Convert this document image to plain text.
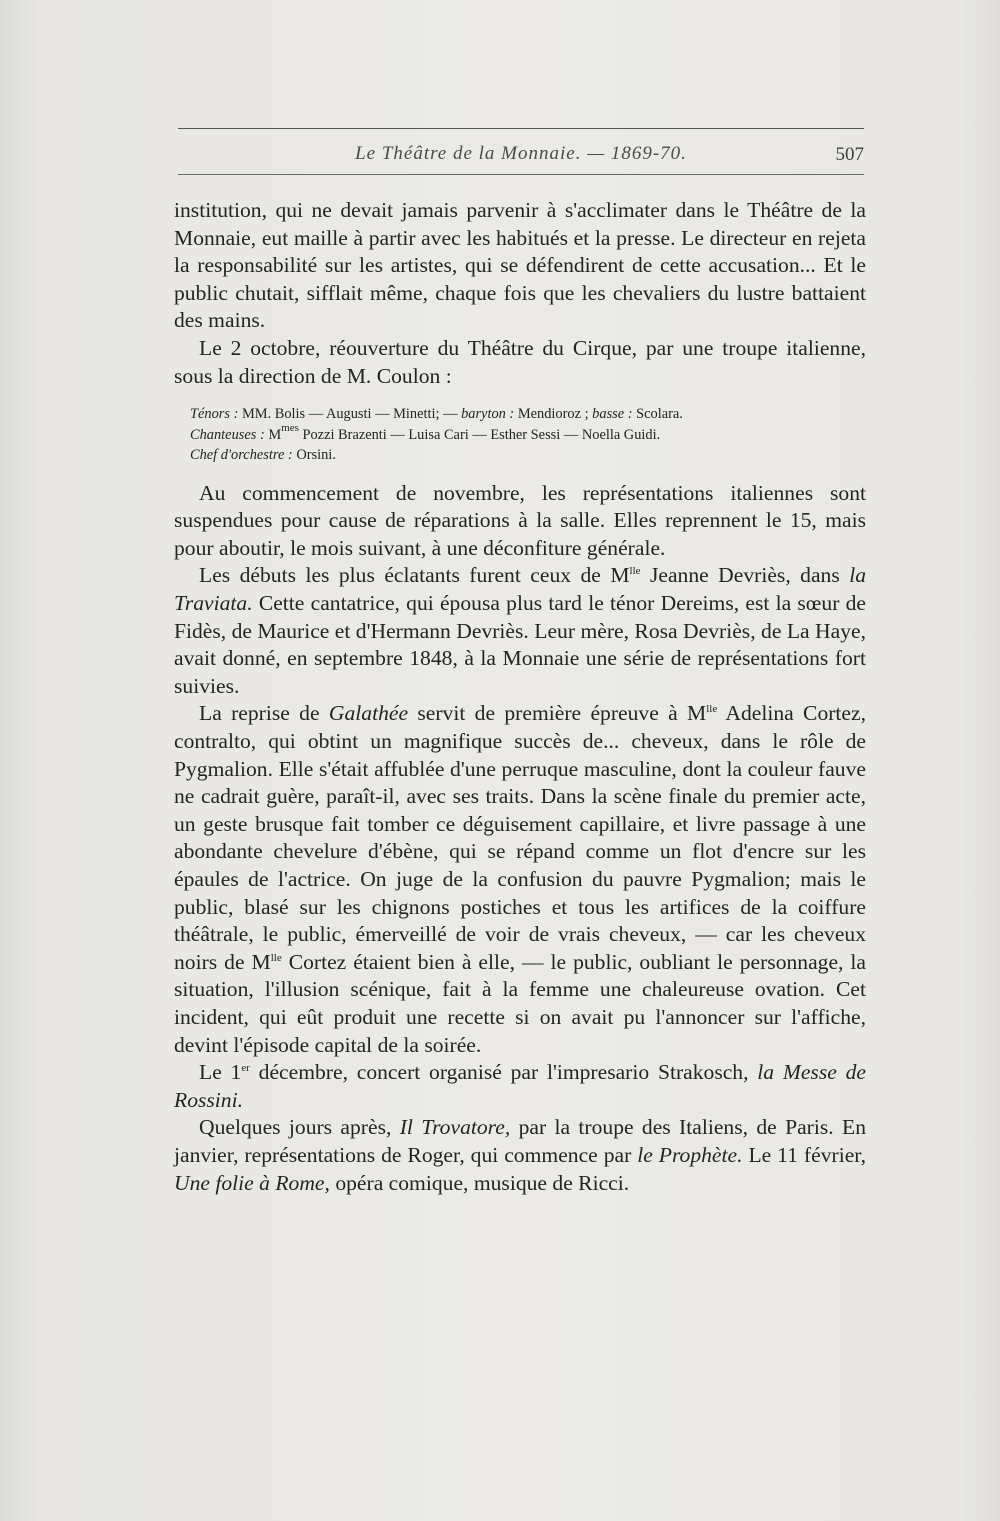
Le Théâtre de la Monnaie. — 1869-70.	507

institution, qui ne devait jamais parvenir à s'acclimater dans le Théâtre de la Monnaie, eut maille à partir avec les habitués et la presse. Le directeur en rejeta la responsabilité sur les artistes, qui se défendirent de cette accusation... Et le public chutait, sifflait même, chaque fois que les chevaliers du lustre battaient des mains.

Le 2 octobre, réouverture du Théâtre du Cirque, par une troupe italienne, sous la direction de M. Coulon :

Ténors : MM. Bolis — Augusti — Minetti; — baryton : Mendioroz ; basse : Scolara.
Chanteuses : $M^{mes}$ Pozzi Brazenti — Luisa Cari — Esther Sessi — Noella Guidi.
Chef d'orchestre : Orsini.

Au commencement de novembre, les représentations italiennes sont suspendues pour cause de réparations à la salle. Elles reprennent le 15, mais pour aboutir, le mois suivant, à une déconfiture générale.

Les débuts les plus éclatants furent ceux de $M^{lle}$ Jeanne Devriès, dans la Traviata. Cette cantatrice, qui épousa plus tard le ténor Dereims, est la sœur de Fidès, de Maurice et d'Hermann Devriès. Leur mère, Rosa Devriès, de La Haye, avait donné, en septembre 1848, à la Monnaie une série de représentations fort suivies.

La reprise de Galathée servit de première épreuve à $M^{lle}$ Adelina Cortez, contralto, qui obtint un magnifique succès de... cheveux, dans le rôle de Pygmalion. Elle s'était affublée d'une perruque masculine, dont la couleur fauve ne cadrait guère, paraît-il, avec ses traits. Dans la scène finale du premier acte, un geste brusque fait tomber ce déguisement capillaire, et livre passage à une abondante chevelure d'ébène, qui se répand comme un flot d'encre sur les épaules de l'actrice. On juge de la confusion du pauvre Pygmalion; mais le public, blasé sur les chignons postiches et tous les artifices de la coiffure théâtrale, le public, émerveillé de voir de vrais cheveux, — car les cheveux noirs de $M^{lle}$ Cortez étaient bien à elle, — le public, oubliant le personnage, la situation, l'illusion scénique, fait à la femme une chaleureuse ovation. Cet incident, qui eût produit une recette si on avait pu l'annoncer sur l'affiche, devint l'épisode capital de la soirée.

Le 1er décembre, concert organisé par l'impresario Strakosch, la Messe de Rossini.

Quelques jours après, Il Trovatore, par la troupe des Italiens, de Paris. En janvier, représentations de Roger, qui commence par le Prophète. Le 11 février, Une folie à Rome, opéra comique, musique de Ricci.
